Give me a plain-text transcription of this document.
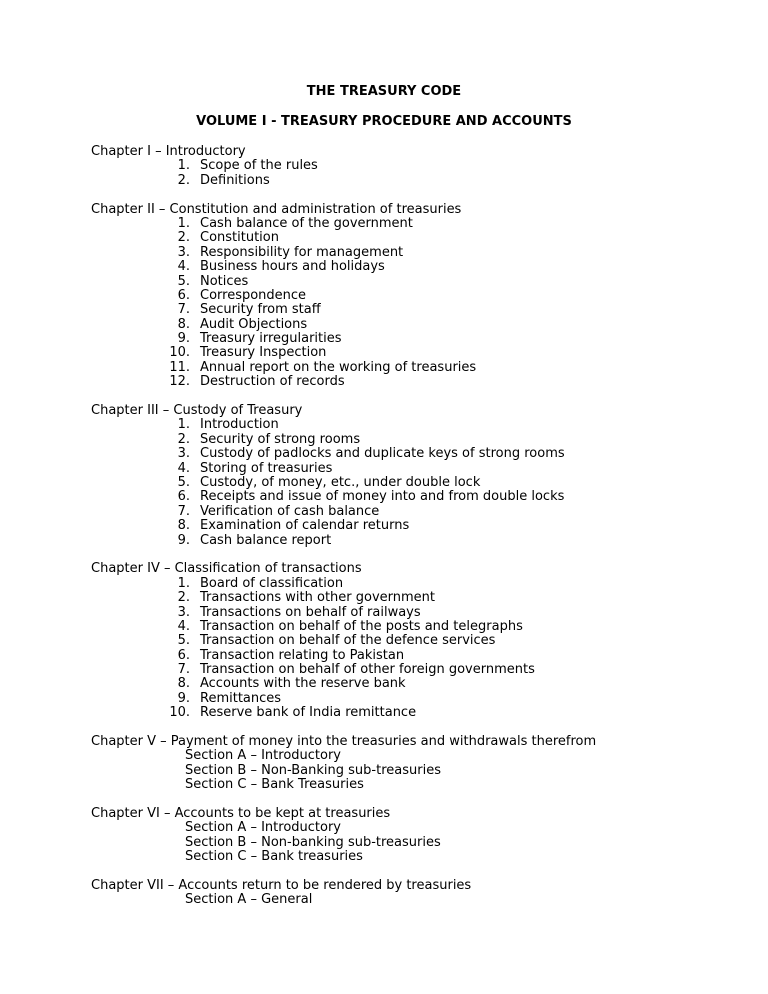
THE TREASURY CODE
VOLUME I - TREASURY PROCEDURE AND ACCOUNTS
Chapter I – Introductory
1. Scope of the rules
2. Definitions
Chapter II – Constitution and administration of treasuries
1. Cash balance of the government
2. Constitution
3. Responsibility for management
4. Business hours and holidays
5. Notices
6. Correspondence
7. Security from staff
8. Audit Objections
9. Treasury irregularities
10. Treasury Inspection
11. Annual report on the working of treasuries
12. Destruction of records
Chapter III – Custody of Treasury
1. Introduction
2. Security of strong rooms
3. Custody of padlocks and duplicate keys of strong rooms
4. Storing of treasuries
5. Custody, of money, etc., under double lock
6. Receipts and issue of money into and from double locks
7. Verification of cash balance
8. Examination of calendar returns
9. Cash balance report
Chapter IV – Classification of transactions
1. Board of classification
2. Transactions with other government
3. Transactions on behalf of railways
4. Transaction on behalf of the posts and telegraphs
5. Transaction on behalf of the defence services
6. Transaction relating to Pakistan
7. Transaction on behalf of other foreign governments
8. Accounts with the reserve bank
9. Remittances
10. Reserve bank of India remittance
Chapter V – Payment of money into the treasuries and withdrawals therefrom
Section A – Introductory
Section B – Non-Banking sub-treasuries
Section C – Bank Treasuries
Chapter VI – Accounts to be kept at treasuries
Section A – Introductory
Section B – Non-banking sub-treasuries
Section C – Bank treasuries
Chapter VII – Accounts return to be rendered by treasuries
Section A – General
